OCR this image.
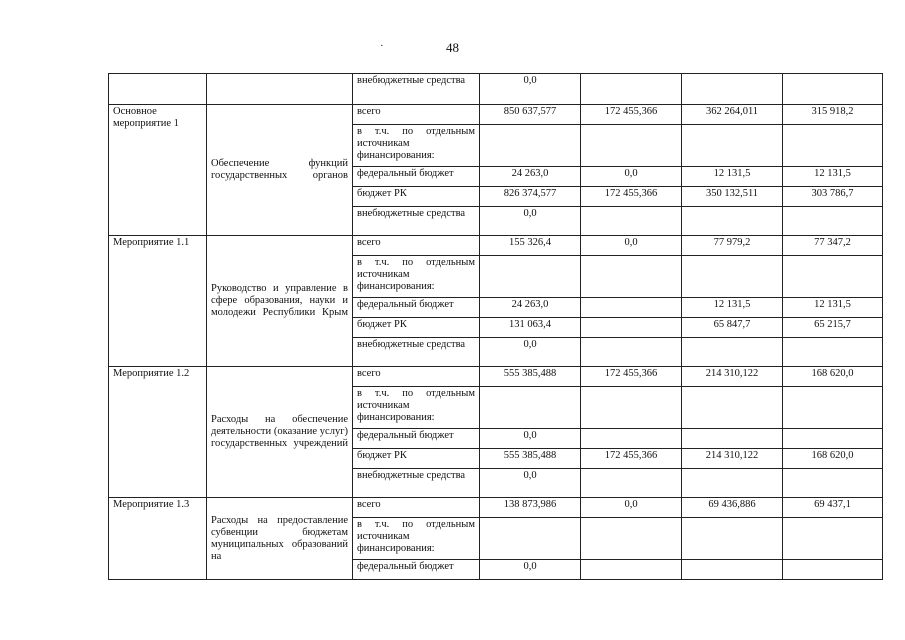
·	48
		внебюджетные средства	0,0			
Основное мероприятие 1	Обеспечение функций государственных органов	всего	850 637,577	172 455,366	362 264,011	315 918,2
		в т.ч. по отдельным источникам финансирования:				
		федеральный бюджет	24 263,0	0,0	12 131,5	12 131,5
		бюджет РК	826 374,577	172 455,366	350 132,511	303 786,7
		внебюджетные средства	0,0			
Мероприятие 1.1	Руководство и управление в сфере образования, науки и молодежи Республики Крым	всего	155 326,4	0,0	77 979,2	77 347,2
		в т.ч. по отдельным источникам финансирования:				
		федеральный бюджет	24 263,0		12 131,5	12 131,5
		бюджет РК	131 063,4		65 847,7	65 215,7
		внебюджетные средства	0,0			
Мероприятие 1.2	Расходы на обеспечение деятельности (оказание услуг) государственных учреждений	всего	555 385,488	172 455,366	214 310,122	168 620,0
		в т.ч. по отдельным источникам финансирования:				
		федеральный бюджет	0,0			
		бюджет РК	555 385,488	172 455,366	214 310,122	168 620,0
		внебюджетные средства	0,0			
Мероприятие 1.3	Расходы на предоставление субвенции бюджетам муниципальных образований на	всего	138 873,986	0,0	69 436,886	69 437,1
		в т.ч. по отдельным источникам финансирования:				
		федеральный бюджет	0,0			
